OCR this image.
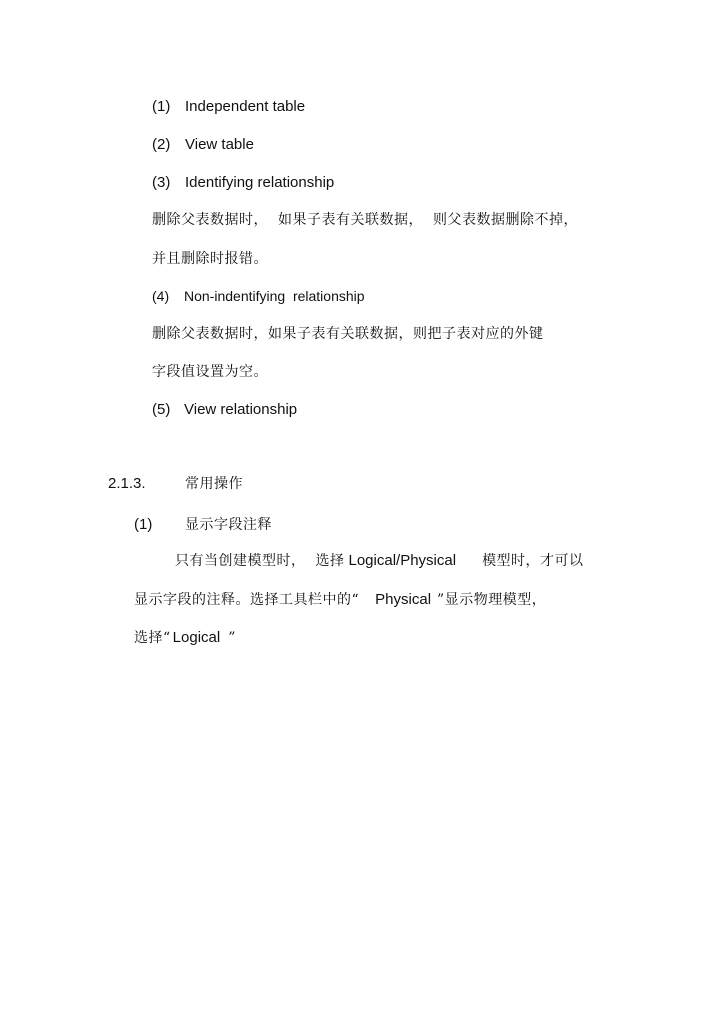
(1) Independent table
(2) View table
(3) Identifying relationship
删除父表数据时， 如果子表有关联数据， 则父表数据删除不掉，
并且删除时报错。
(4) Non-indentifying  relationship
删除父表数据时，如果子表有关联数据，则把子表对应的外键
字段值设置为空。
(5) View relationship
2.1.3.	常用操作
(1) 显示字段注释
只有当创建模型时， 选择 Logical/Physical 模型时，才可以
显示字段的注释。选择工具栏中的“ Physical ”显示物理模型，
选择“ Logical ”
